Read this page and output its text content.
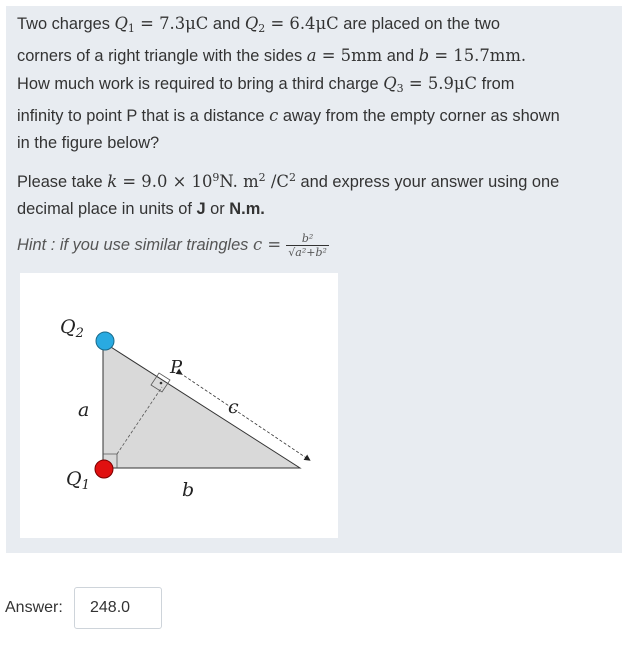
Two charges $Q_1 = 7.3\mu C$ and $Q_2 = 6.4\mu C$ are placed on the two
corners of a right triangle with the sides a = 5mm and b = 15.7mm.
How much work is required to bring a third charge $Q_3 = 5.9\mu C$ from
infinity to point P that is a distance c away from the empty corner as shown
in the figure below?
Please take $k = 9.0 \times 10^9N$. $m^2$ $/C^2$ and express your answer using one
decimal place in units of J or N.m.
Hint : if you use similar traingles $c = \frac{\text{b²}}{\text{√a²+b²}}$
$Q_2$
$Q_1$
P
a
b
c
Answer:
248.0
